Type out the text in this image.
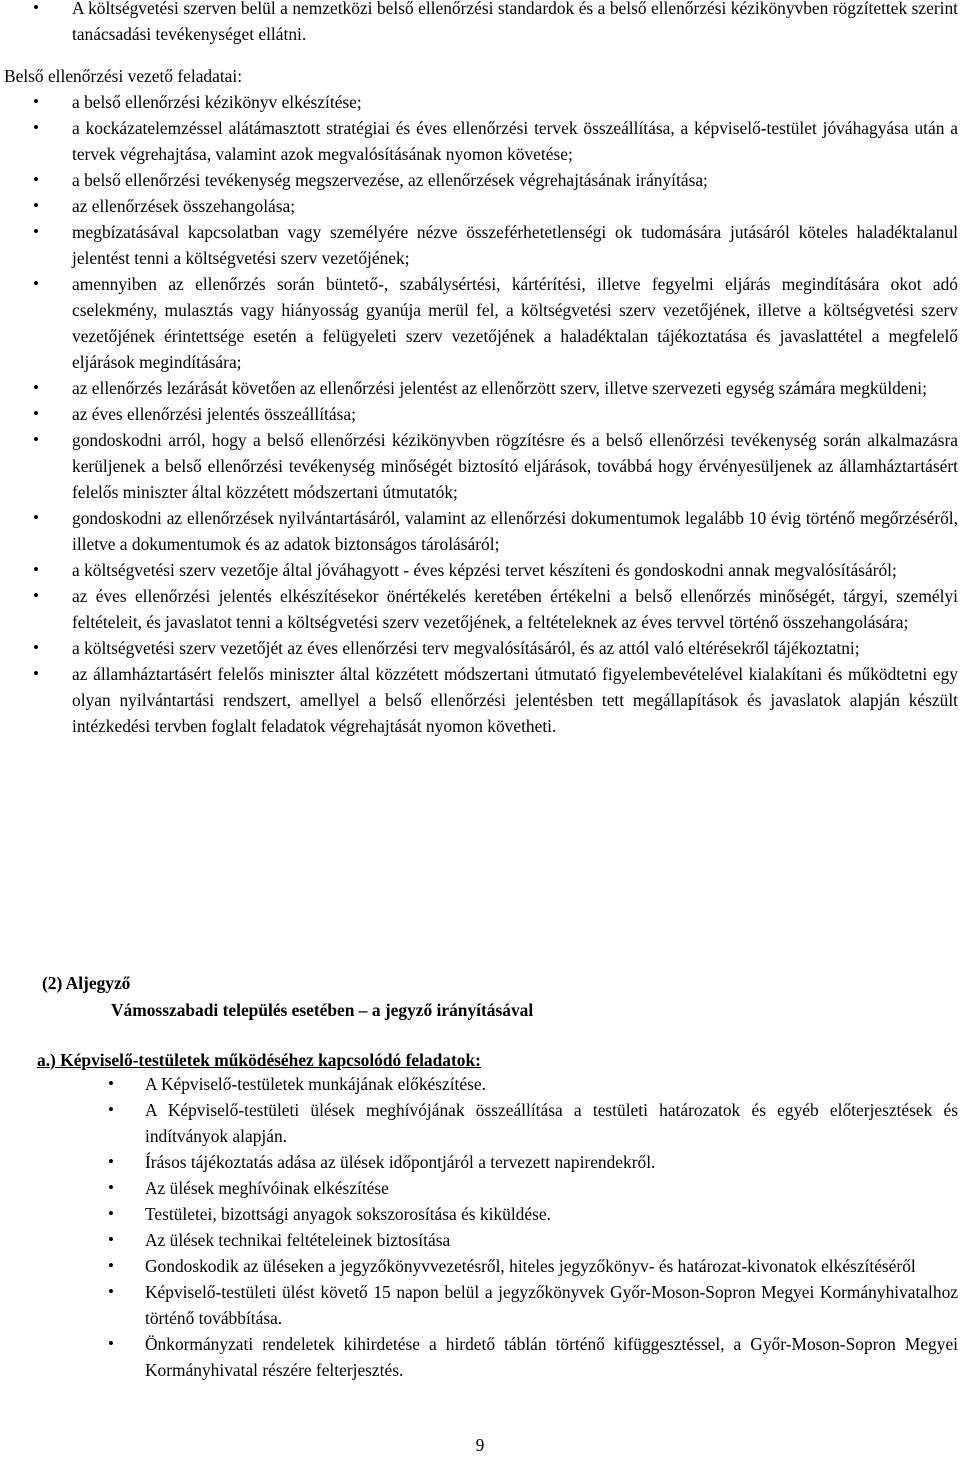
• A költségvetési szerven belül a nemzetközi belső ellenőrzési standardok és a belső ellenőrzési kézikönyvben rögzítettek szerint tanácsadási tevékenységet ellátni.
Belső ellenőrzési vezető feladatai:
• a belső ellenőrzési kézikönyv elkészítése;
• a kockázatelemzéssel alátámasztott stratégiai és éves ellenőrzési tervek összeállítása, a képviselő-testület jóváhagyása után a tervek végrehajtása, valamint azok megvalósításának nyomon követése;
• a belső ellenőrzési tevékenység megszervezése, az ellenőrzések végrehajtásának irányítása;
• az ellenőrzések összehangolása;
• megbízatásával kapcsolatban vagy személyére nézve összeférhetetlenségi ok tudomására jutásáról köteles haladéktalanul jelentést tenni a költségvetési szerv vezetőjének;
• amennyiben az ellenőrzés során büntető-, szabálysértési, kártérítési, illetve fegyelmi eljárás megindítására okot adó cselekmény, mulasztás vagy hiányosság gyanúja merül fel, a költségvetési szerv vezetőjének, illetve a költségvetési szerv vezetőjének érintettsége esetén a felügyeleti szerv vezetőjének a haladéktalan tájékoztatása és javaslattétel a megfelelő eljárások megindítására;
• az ellenőrzés lezárását követően az ellenőrzési jelentést az ellenőrzött szerv, illetve szervezeti egység számára megküldeni;
• az éves ellenőrzési jelentés összeállítása;
• gondoskodni arról, hogy a belső ellenőrzési kézikönyvben rögzítésre és a belső ellenőrzési tevékenység során alkalmazásra kerüljenek a belső ellenőrzési tevékenység minőségét biztosító eljárások, továbbá hogy érvényesüljenek az államháztartásért felelős miniszter által közzétett módszertani útmutatók;
• gondoskodni az ellenőrzések nyilvántartásáról, valamint az ellenőrzési dokumentumok legalább 10 évig történő megőrzéséről, illetve a dokumentumok és az adatok biztonságos tárolásáról;
• a költségvetési szerv vezetője által jóváhagyott - éves képzési tervet készíteni és gondoskodni annak megvalósításáról;
• az éves ellenőrzési jelentés elkészítésekor önértékelés keretében értékelni a belső ellenőrzés minőségét, tárgyi, személyi feltételeit, és javaslatot tenni a költségvetési szerv vezetőjének, a feltételeknek az éves tervvel történő összehangolására;
• a költségvetési szerv vezetőjét az éves ellenőrzési terv megvalósításáról, és az attól való eltérésekről tájékoztatni;
• az államháztartásért felelős miniszter által közzétett módszertani útmutató figyelembevételével kialakítani és működtetni egy olyan nyilvántartási rendszert, amellyel a belső ellenőrzési jelentésben tett megállapítások és javaslatok alapján készült intézkedési tervben foglalt feladatok végrehajtását nyomon követheti.
(2) Aljegyző
Vámosszabadi település esetében – a jegyző irányításával
a.) Képviselő-testületek működéséhez kapcsolódó feladatok:
• A Képviselő-testületek munkájának előkészítése.
• A Képviselő-testületi ülések meghívójának összeállítása a testületi határozatok és egyéb előterjesztések és indítványok alapján.
• Írásos tájékoztatás adása az ülések időpontjáról a tervezett napirendekről.
• Az ülések meghívóinak elkészítése
• Testületei, bizottsági anyagok sokszorosítása és kiküldése.
• Az ülések technikai feltételeinek biztosítása
• Gondoskodik az üléseken a jegyzőkönyvvezetésről, hiteles jegyzőkönyv- és határozat-kivonatok elkészítéséről
• Képviselő-testületi ülést követő 15 napon belül a jegyzőkönyvek Győr-Moson-Sopron Megyei Kormányhivatalhoz történő továbbítása.
• Önkormányzati rendeletek kihirdetése a hirdető táblán történő kifüggesztéssel, a Győr-Moson-Sopron Megyei Kormányhivatal részére felterjesztés.
9
